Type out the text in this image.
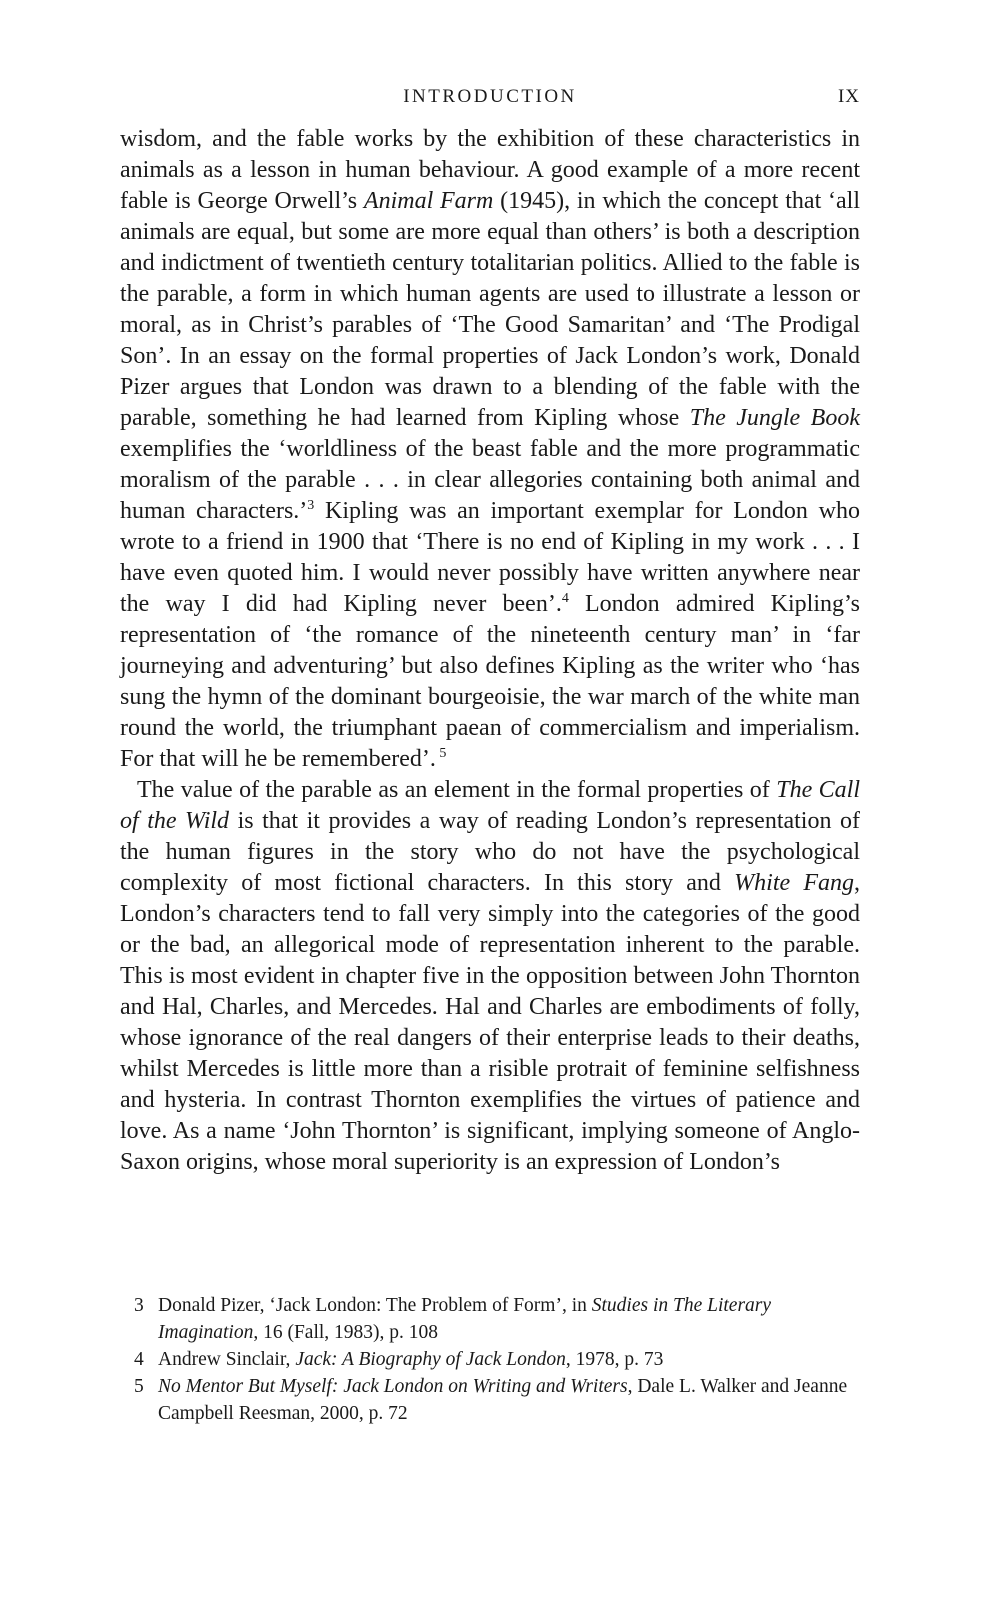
INTRODUCTION	IX

wisdom, and the fable works by the exhibition of these characteristics in animals as a lesson in human behaviour. A good example of a more recent fable is George Orwell’s Animal Farm (1945), in which the concept that ‘all animals are equal, but some are more equal than others’ is both a description and indictment of twentieth century totalitarian politics. Allied to the fable is the parable, a form in which human agents are used to illustrate a lesson or moral, as in Christ’s parables of ‘The Good Samaritan’ and ‘The Prodigal Son’. In an essay on the formal properties of Jack London’s work, Donald Pizer argues that London was drawn to a blending of the fable with the parable, something he had learned from Kipling whose The Jungle Book exemplifies the ‘worldliness of the beast fable and the more programmatic moralism of the parable . . . in clear allegories containing both animal and human characters.’$^3$ Kipling was an important exemplar for London who wrote to a friend in 1900 that ‘There is no end of Kipling in my work . . . I have even quoted him. I would never possibly have written anywhere near the way I did had Kipling never been’.$^4$ London admired Kipling’s representation of ‘the romance of the nineteenth century man’ in ‘far journeying and adventuring’ but also defines Kipling as the writer who ‘has sung the hymn of the dominant bourgeoisie, the war march of the white man round the world, the triumphant paean of commercialism and imperialism. For that will he be remembered’. $^5$

The value of the parable as an element in the formal properties of The Call of the Wild is that it provides a way of reading London’s representation of the human figures in the story who do not have the psychological complexity of most fictional characters. In this story and White Fang, London’s characters tend to fall very simply into the categories of the good or the bad, an allegorical mode of representation inherent to the parable. This is most evident in chapter five in the opposition between John Thornton and Hal, Charles, and Mercedes. Hal and Charles are embodiments of folly, whose ignorance of the real dangers of their enterprise leads to their deaths, whilst Mercedes is little more than a risible protrait of feminine selfishness and hysteria. In contrast Thornton exemplifies the virtues of patience and love. As a name ‘John Thornton’ is significant, implying someone of Anglo-Saxon origins, whose moral superiority is an expression of London’s

3 Donald Pizer, ‘Jack London: The Problem of Form’, in Studies in The Literary Imagination, 16 (Fall, 1983), p. 108
4 Andrew Sinclair, Jack: A Biography of Jack London, 1978, p. 73
5 No Mentor But Myself: Jack London on Writing and Writers, Dale L. Walker and Jeanne Campbell Reesman, 2000, p. 72
